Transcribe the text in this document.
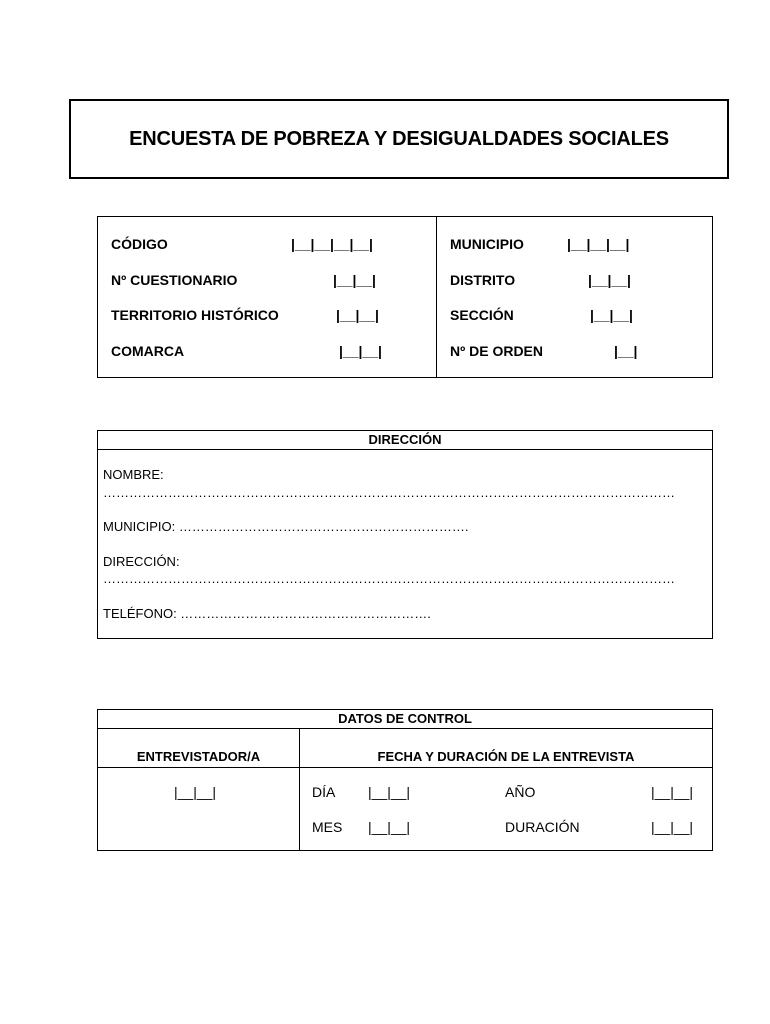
ENCUESTA DE POBREZA Y DESIGUALDADES SOCIALES
CÓDIGO	|__|__|__|__|
Nº CUESTIONARIO	|__|__|
TERRITORIO HISTÓRICO	|__|__|
COMARCA	|__|__|
MUNICIPIO	|__|__|__|
DISTRITO	|__|__|
SECCIÓN	|__|__|
Nº DE ORDEN	|__|
DIRECCIÓN
NOMBRE:
……………………………………………………………………………………………………………………
MUNICIPIO: ………………………………………………………….
DIRECCIÓN:
……………………………………………………………………………………………………………………
TELÉFONO: ………………………………………………….
DATOS DE CONTROL
ENTREVISTADOR/A	FECHA Y DURACIÓN DE LA ENTREVISTA
|__|__|	DÍA |__|__|	AÑO	|__|__|
MES |__|__|	DURACIÓN	|__|__|
